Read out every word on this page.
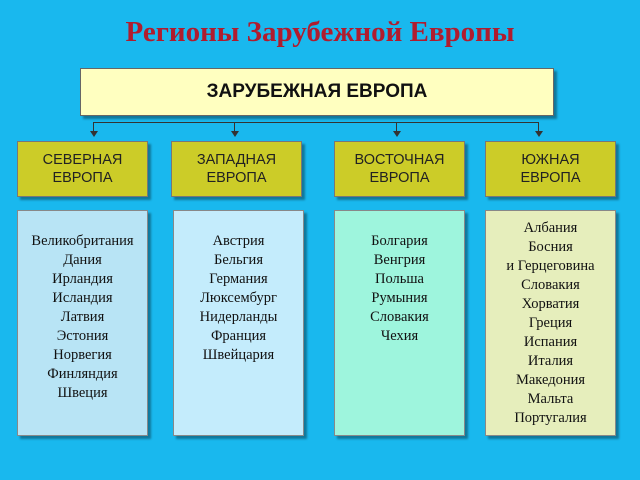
Регионы Зарубежной Европы
ЗАРУБЕЖНАЯ ЕВРОПА
СЕВЕРНАЯ
ЕВРОПА
ЗАПАДНАЯ
ЕВРОПА
ВОСТОЧНАЯ
ЕВРОПА
ЮЖНАЯ
ЕВРОПА
Великобритания
Дания
Ирландия
Исландия
Латвия
Эстония
Норвегия
Финляндия
Швеция
Австрия
Бельгия
Германия
Люксембург
Нидерланды
Франция
Швейцария
Болгария
Венгрия
Польша
Румыния
Словакия
Чехия
Албания
Босния
и Герцеговина
Словакия
Хорватия
Греция
Испания
Италия
Македония
Мальта
Португалия
